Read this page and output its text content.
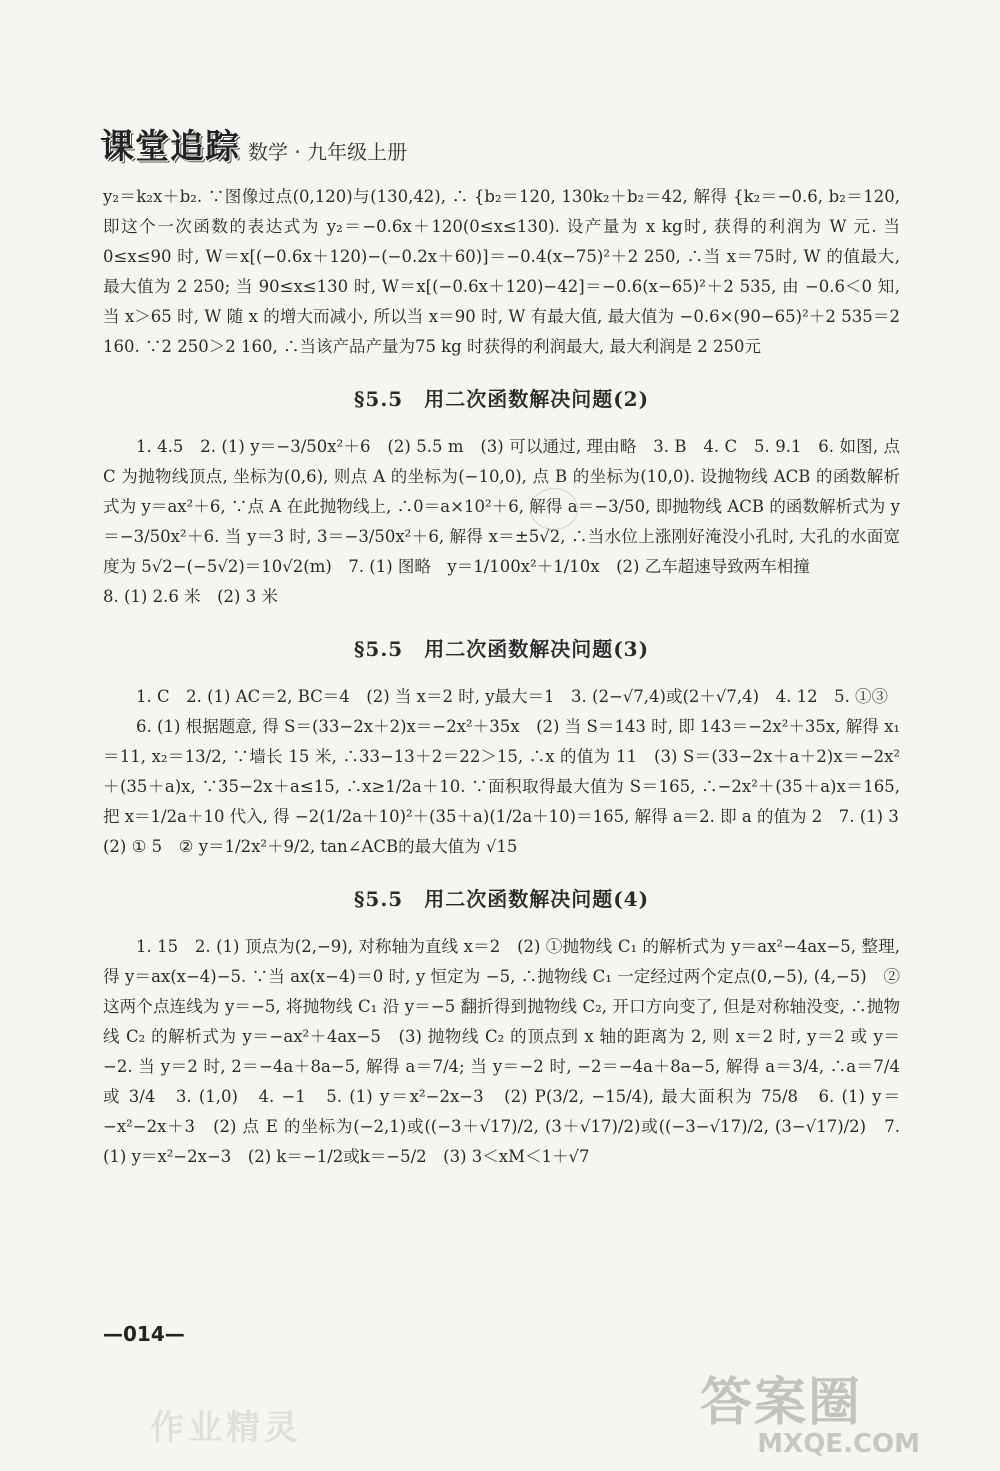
课堂追踪 数学 · 九年级上册

y₂＝k₂x＋b₂. ∵图像过点(0,120)与(130,42), ∴ {b₂＝120, 130k₂＋b₂＝42, 解得 {k₂＝−0.6, b₂＝120, 即这个一次函数的表达式为 y₂＝−0.6x＋120(0≤x≤130). 设产量为 x kg时, 获得的利润为 W 元. 当 0≤x≤90 时, W＝x[(−0.6x＋120)−(−0.2x＋60)]＝−0.4(x−75)²＋2 250, ∴当 x＝75时, W 的值最大, 最大值为 2 250; 当 90≤x≤130 时, W＝x[(−0.6x＋120)−42]＝−0.6(x−65)²＋2 535, 由 −0.6＜0 知, 当 x＞65 时, W 随 x 的增大而减小, 所以当 x＝90 时, W 有最大值, 最大值为 −0.6×(90−65)²＋2 535＝2 160. ∵2 250＞2 160, ∴当该产品产量为75 kg 时获得的利润最大, 最大利润是 2 250元

§5.5　用二次函数解决问题(2)

1. 4.5　2. (1) y＝−3/50x²＋6　(2) 5.5 m　(3) 可以通过, 理由略　3. B　4. C　5. 9.1　6. 如图, 点 C 为抛物线顶点, 坐标为(0,6), 则点 A 的坐标为(−10,0), 点 B 的坐标为(10,0). 设抛物线 ACB 的函数解析式为 y＝ax²＋6, ∵点 A 在此抛物线上, ∴0＝a×10²＋6, 解得 a＝−3/50, 即抛物线 ACB 的函数解析式为 y＝−3/50x²＋6. 当 y＝3 时, 3＝−3/50x²＋6, 解得 x＝±5√2, ∴当水位上涨刚好淹没小孔时, 大孔的水面宽度为 5√2−(−5√2)＝10√2(m)　7. (1) 图略　y＝1/100x²＋1/10x　(2) 乙车超速导致两车相撞

8. (1) 2.6 米　(2) 3 米

§5.5　用二次函数解决问题(3)

1. C　2. (1) AC＝2, BC＝4　(2) 当 x＝2 时, y最大＝1　3. (2−√7,4)或(2＋√7,4)　4. 12　5. ①③

6. (1) 根据题意, 得 S＝(33−2x＋2)x＝−2x²＋35x　(2) 当 S＝143 时, 即 143＝−2x²＋35x, 解得 x₁＝11, x₂＝13/2, ∵墙长 15 米, ∴33−13＋2＝22＞15, ∴x 的值为 11　(3) S＝(33−2x＋a＋2)x＝−2x²＋(35＋a)x, ∵35−2x＋a≤15, ∴x≥1/2a＋10. ∵面积取得最大值为 S＝165, ∴−2x²＋(35＋a)x＝165, 把 x＝1/2a＋10 代入, 得 −2(1/2a＋10)²＋(35＋a)(1/2a＋10)＝165, 解得 a＝2. 即 a 的值为 2　7. (1) 3

(2) ① 5　② y＝1/2x²＋9/2, tan∠ACB的最大值为 √15

§5.5　用二次函数解决问题(4)

1. 15　2. (1) 顶点为(2,−9), 对称轴为直线 x＝2　(2) ①抛物线 C₁ 的解析式为 y＝ax²−4ax−5, 整理, 得 y＝ax(x−4)−5. ∵当 ax(x−4)＝0 时, y 恒定为 −5, ∴抛物线 C₁ 一定经过两个定点(0,−5), (4,−5)　②这两个点连线为 y＝−5, 将抛物线 C₁ 沿 y＝−5 翻折得到抛物线 C₂, 开口方向变了, 但是对称轴没变, ∴抛物线 C₂ 的解析式为 y＝−ax²＋4ax−5　(3) 抛物线 C₂ 的顶点到 x 轴的距离为 2, 则 x＝2 时, y＝2 或 y＝−2. 当 y＝2 时, 2＝−4a＋8a−5, 解得 a＝7/4; 当 y＝−2 时, −2＝−4a＋8a−5, 解得 a＝3/4, ∴a＝7/4 或 3/4　3. (1,0)　4. −1　5. (1) y＝x²−2x−3　(2) P(3/2, −15/4), 最大面积为 75/8　6. (1) y＝−x²−2x＋3　(2) 点 E 的坐标为(−2,1)或((−3＋√17)/2, (3＋√17)/2)或((−3−√17)/2, (3−√17)/2)　7. (1) y＝x²−2x−3　(2) k＝−1/2或k＝−5/2　(3) 3＜xM＜1＋√7

—014—
作业精灵	答案圈
MXQE.COM
